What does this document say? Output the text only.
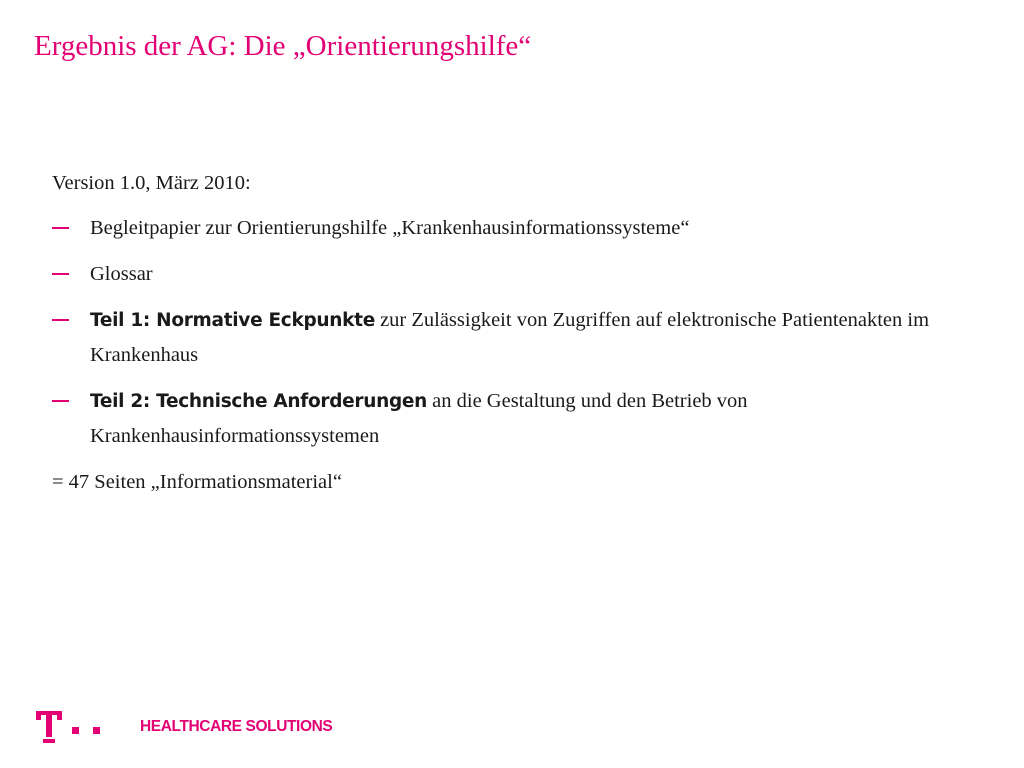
Ergebnis der AG: Die „Orientierungshilfe“

Version 1.0, März 2010:

Begleitpapier zur Orientierungshilfe „Krankenhausinformationssysteme“
Glossar
Teil 1: Normative Eckpunkte zur Zulässigkeit von Zugriffen auf elektronische Patientenakten im Krankenhaus
Teil 2: Technische Anforderungen an die Gestaltung und den Betrieb von Krankenhausinformationssystemen

= 47 Seiten „Informationsmaterial“

HEALTHCARE SOLUTIONS
